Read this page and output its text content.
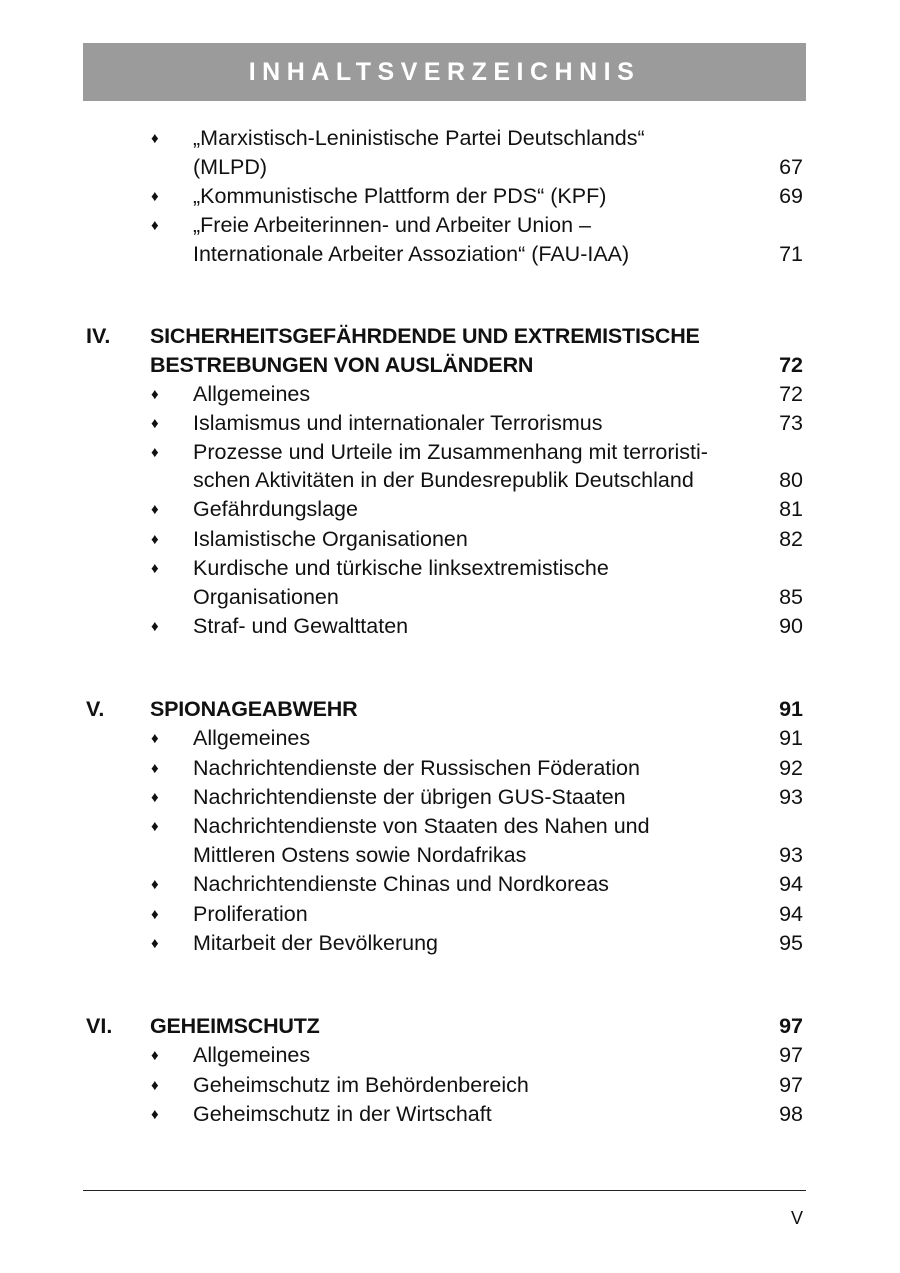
INHALTSVERZEICHNIS
♦ „Marxistisch-Leninistische Partei Deutschlands“
(MLPD)	67
♦ „Kommunistische Plattform der PDS“ (KPF)	69
♦ „Freie Arbeiterinnen- und Arbeiter Union –
Internationale Arbeiter Assoziation“ (FAU-IAA)	71
IV. SICHERHEITSGEFÄHRDENDE UND EXTREMISTISCHE
BESTREBUNGEN VON AUSLÄNDERN	72
♦ Allgemeines	72
♦ Islamismus und internationaler Terrorismus	73
♦ Prozesse und Urteile im Zusammenhang mit terroristi-
schen Aktivitäten in der Bundesrepublik Deutschland	80
♦ Gefährdungslage	81
♦ Islamistische Organisationen	82
♦ Kurdische und türkische linksextremistische
Organisationen	85
♦ Straf- und Gewalttaten	90
V. SPIONAGEABWEHR	91
♦ Allgemeines	91
♦ Nachrichtendienste der Russischen Föderation	92
♦ Nachrichtendienste der übrigen GUS-Staaten	93
♦ Nachrichtendienste von Staaten des Nahen und
Mittleren Ostens sowie Nordafrikas	93
♦ Nachrichtendienste Chinas und Nordkoreas	94
♦ Proliferation	94
♦ Mitarbeit der Bevölkerung	95
VI. GEHEIMSCHUTZ	97
♦ Allgemeines	97
♦ Geheimschutz im Behördenbereich	97
♦ Geheimschutz in der Wirtschaft	98
V
